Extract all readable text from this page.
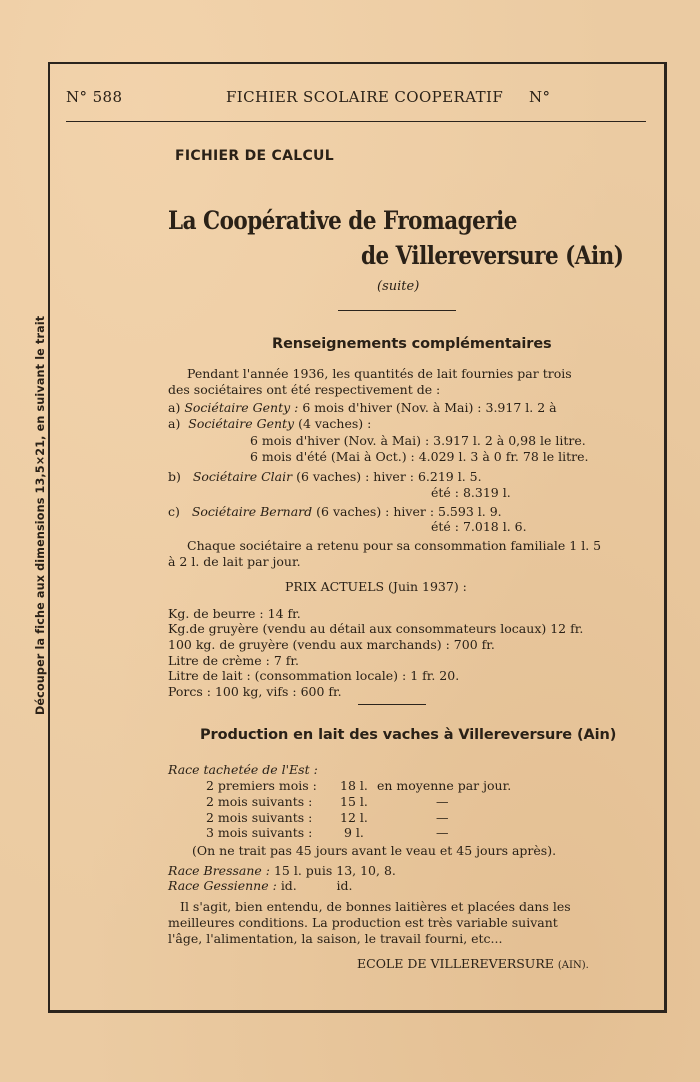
Découper la fiche aux dimensions 13,5×21, en suivant le trait
N° 588	FICHIER SCOLAIRE COOPERATIF	N°
FICHIER DE CALCUL
La Coopérative de Fromagerie
de Villereversure (Ain)
(suite)
Renseignements complémentaires
Pendant l'année 1936, les quantités de lait fournies par trois
des sociétaires ont été respectivement de :
a) Sociétaire Genty : 6 mois d'hiver (Nov. à Mai) : 3.917 l. 2 à
a) Sociétaire Genty (4 vaches) :
6 mois d'hiver (Nov. à Mai) : 3.917 l. 2 à 0,98 le litre.
6 mois d'été (Mai à Oct.) : 4.029 l. 3 à 0 fr. 78 le litre.
b) Sociétaire Clair (6 vaches) : hiver : 6.219 l. 5.
été : 8.319 l.
c) Sociétaire Bernard (6 vaches) : hiver : 5.593 l. 9.
été : 7.018 l. 6.
Chaque sociétaire a retenu pour sa consommation familiale 1 l. 5
à 2 l. de lait par jour.
PRIX ACTUELS (Juin 1937) :
Kg. de beurre : 14 fr.
Kg.de gruyère (vendu au détail aux consommateurs locaux) 12 fr.
100 kg. de gruyère (vendu aux marchands) : 700 fr.
Litre de crème : 7 fr.
Litre de lait : (consommation locale) : 1 fr. 20.
Porcs : 100 kg, vifs : 600 fr.
Production en lait des vaches à Villereversure (Ain)
Race tachetée de l'Est :
2 premiers mois : 18 l. en moyenne par jour.
2 mois suivants : 15 l.	—
2 mois suivants : 12 l.	—
3 mois suivants :	9 l.	—
(On ne trait pas 45 jours avant le veau et 45 jours après).
Race Bressane : 15 l. puis 13, 10, 8.
Race Gessienne : id.          id.
Il s'agit, bien entendu, de bonnes laitières et placées dans les
meilleures conditions. La production est très variable suivant
l'âge, l'alimentation, la saison, le travail fourni, etc...
ECOLE DE VILLEREVERSURE (AIN).
